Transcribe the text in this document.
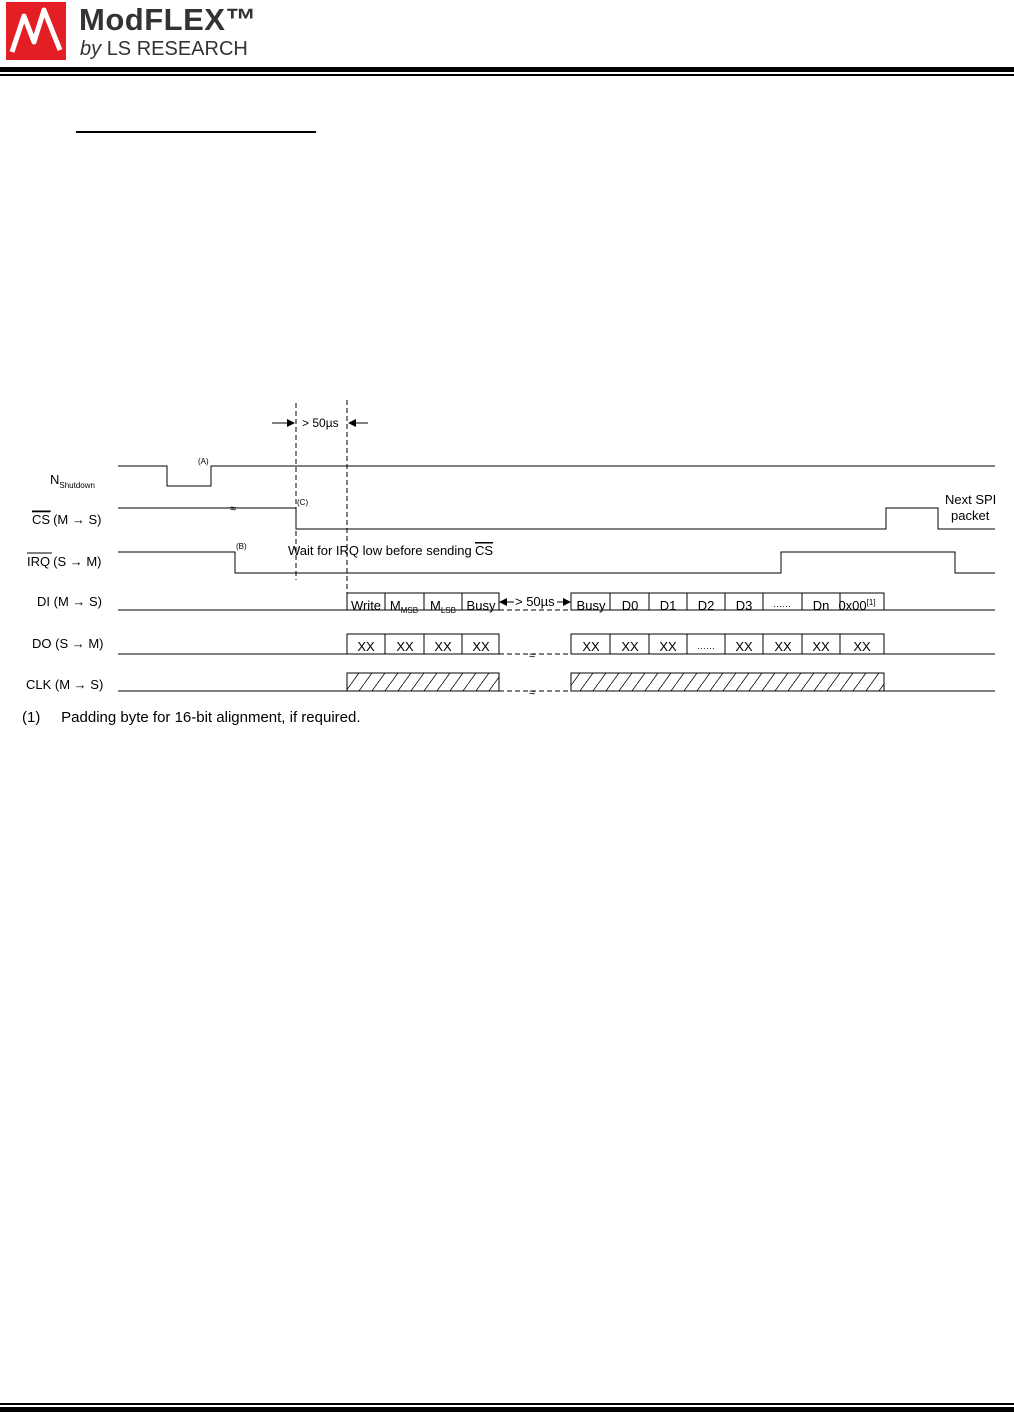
ModFLEX™
by LS RESEARCH
> 50µs
$N_{Shutdown}$
CS (M → S)
IRQ (S → M)
DI (M → S)
DO (S → M)
CLK (M → S)
(A)
≈
(C)	Next SPI
packet
(B)	Wait for IRQ low before sending CS
Write $M_{MSB}$ $M_{LSB}$ Busy	Busy D0 D1 D2 D3 …… Dn 0x00[1]
> 50µs
≈
XX XX XX XX	XX XX XX …… XX XX XX XX
≈
(1) Padding byte for 16-bit alignment, if required.
